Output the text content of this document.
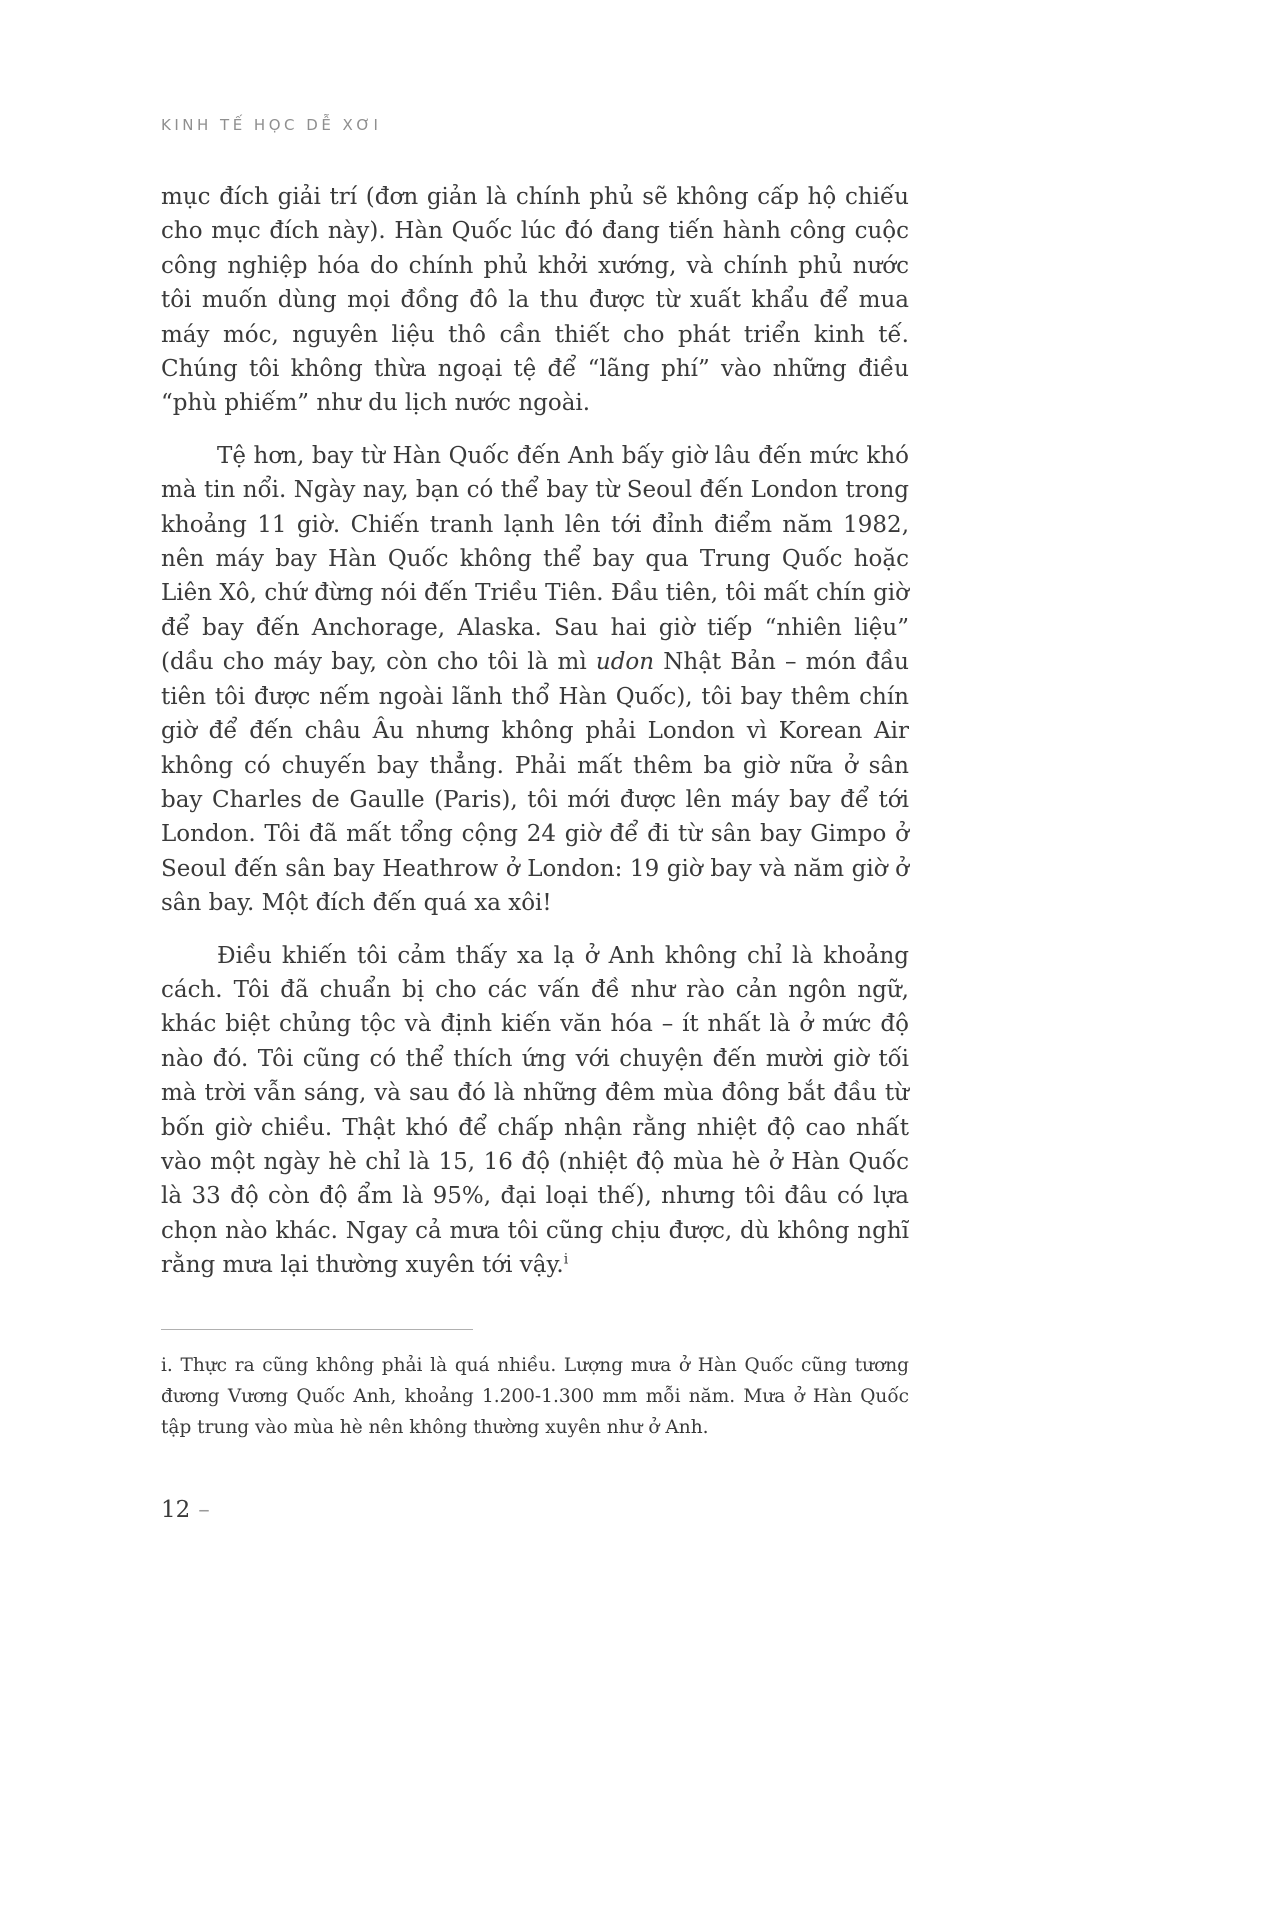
KINH TẾ HỌC DỄ XƠI

mục đích giải trí (đơn giản là chính phủ sẽ không cấp hộ chiếu cho mục đích này). Hàn Quốc lúc đó đang tiến hành công cuộc công nghiệp hóa do chính phủ khởi xướng, và chính phủ nước tôi muốn dùng mọi đồng đô la thu được từ xuất khẩu để mua máy móc, nguyên liệu thô cần thiết cho phát triển kinh tế. Chúng tôi không thừa ngoại tệ để “lãng phí” vào những điều “phù phiếm” như du lịch nước ngoài.

Tệ hơn, bay từ Hàn Quốc đến Anh bấy giờ lâu đến mức khó mà tin nổi. Ngày nay, bạn có thể bay từ Seoul đến London trong khoảng 11 giờ. Chiến tranh lạnh lên tới đỉnh điểm năm 1982, nên máy bay Hàn Quốc không thể bay qua Trung Quốc hoặc Liên Xô, chứ đừng nói đến Triều Tiên. Đầu tiên, tôi mất chín giờ để bay đến Anchorage, Alaska. Sau hai giờ tiếp “nhiên liệu” (dầu cho máy bay, còn cho tôi là mì udon Nhật Bản – món đầu tiên tôi được nếm ngoài lãnh thổ Hàn Quốc), tôi bay thêm chín giờ để đến châu Âu nhưng không phải London vì Korean Air không có chuyến bay thẳng. Phải mất thêm ba giờ nữa ở sân bay Charles de Gaulle (Paris), tôi mới được lên máy bay để tới London. Tôi đã mất tổng cộng 24 giờ để đi từ sân bay Gimpo ở Seoul đến sân bay Heathrow ở London: 19 giờ bay và năm giờ ở sân bay. Một đích đến quá xa xôi!

Điều khiến tôi cảm thấy xa lạ ở Anh không chỉ là khoảng cách. Tôi đã chuẩn bị cho các vấn đề như rào cản ngôn ngữ, khác biệt chủng tộc và định kiến văn hóa – ít nhất là ở mức độ nào đó. Tôi cũng có thể thích ứng với chuyện đến mười giờ tối mà trời vẫn sáng, và sau đó là những đêm mùa đông bắt đầu từ bốn giờ chiều. Thật khó để chấp nhận rằng nhiệt độ cao nhất vào một ngày hè chỉ là 15, 16 độ (nhiệt độ mùa hè ở Hàn Quốc là 33 độ còn độ ẩm là 95%, đại loại thế), nhưng tôi đâu có lựa chọn nào khác. Ngay cả mưa tôi cũng chịu được, dù không nghĩ rằng mưa lại thường xuyên tới vậy.$^i$

i. Thực ra cũng không phải là quá nhiều. Lượng mưa ở Hàn Quốc cũng tương đương Vương Quốc Anh, khoảng 1.200-1.300 mm mỗi năm. Mưa ở Hàn Quốc tập trung vào mùa hè nên không thường xuyên như ở Anh.

12 –
